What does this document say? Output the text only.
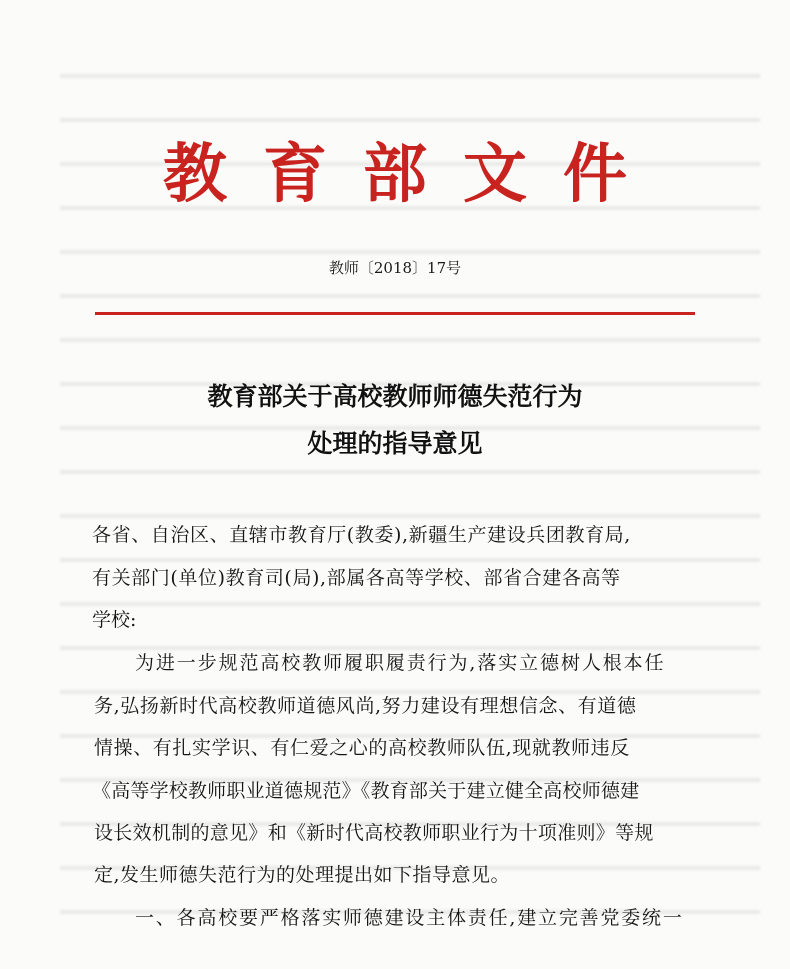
教育部文件
教师〔2018〕17号
教育部关于高校教师师德失范行为
处理的指导意见
各省、自治区、直辖市教育厅(教委),新疆生产建设兵团教育局,
有关部门(单位)教育司(局),部属各高等学校、部省合建各高等
学校:
为进一步规范高校教师履职履责行为,落实立德树人根本任
务,弘扬新时代高校教师道德风尚,努力建设有理想信念、有道德
情操、有扎实学识、有仁爱之心的高校教师队伍,现就教师违反
《高等学校教师职业道德规范》《教育部关于建立健全高校师德建
设长效机制的意见》和《新时代高校教师职业行为十项准则》等规
定,发生师德失范行为的处理提出如下指导意见。
一、各高校要严格落实师德建设主体责任,建立完善党委统一
